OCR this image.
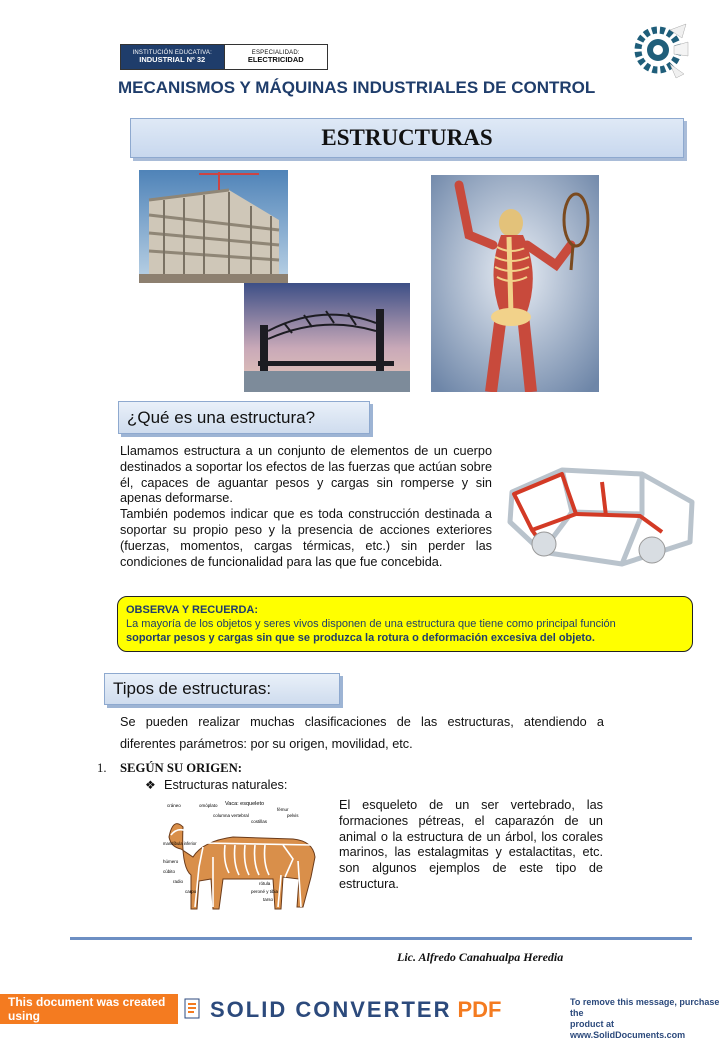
INSTITUCIÓN EDUCATIVA:
INDUSTRIAL Nº 32
ESPECIALIDAD:
ELECTRICIDAD
MECANISMOS Y MÁQUINAS INDUSTRIALES DE CONTROL
ESTRUCTURAS
¿Qué es una estructura?
Llamamos estructura a un conjunto de elementos de un cuerpo destinados a soportar los efectos de las fuerzas que actúan sobre él, capaces de aguantar pesos y cargas sin romperse y sin apenas deformarse.
También podemos indicar que es toda construcción destinada a soportar su propio peso y la presencia de acciones exteriores (fuerzas, momentos, cargas térmicas, etc.) sin perder las condiciones de funcionalidad para las que fue concebida.
OBSERVA Y RECUERDA:
La mayoría de los objetos y seres vivos disponen de una estructura que tiene como principal función
soportar pesos y cargas sin que se produzca la rotura o deformación excesiva del objeto.
Tipos de estructuras:
Se pueden realizar muchas clasificaciones de las estructuras, atendiendo a
diferentes parámetros: por su origen, movilidad, etc.
1. SEGÚN SU ORIGEN:
❖ Estructuras naturales:
Vaca: esqueleto
cráneo	omóplato
columna vertebral
costillas
fémur
pelvis
mandíbula inferior
húmero
cúbito
radio
carpo
rótula
peroné y tibia
tarso
El esqueleto de un ser vertebrado, las formaciones pétreas, el caparazón de un animal o la estructura de un árbol, los corales marinos, las estalagmitas y estalactitas, etc. son algunos ejemplos de este tipo de estructura.
Lic. Alfredo Canahualpa Heredia
This document was created using	SOLID CONVERTER PDF	To remove this message, purchase the
product at www.SolidDocuments.com
